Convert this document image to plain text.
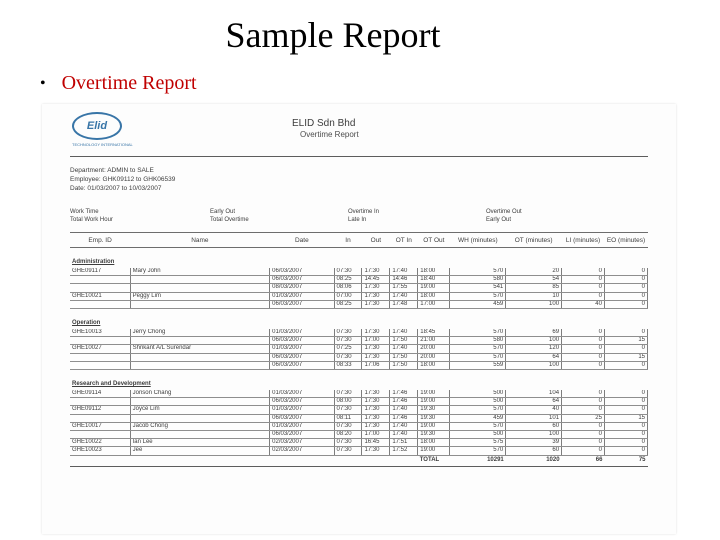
Sample Report
• Overtime Report
Elid
TECHNOLOGY INTERNATIONAL
ELID Sdn Bhd
Overtime Report
Department: ADMIN to SALE
Employee: GHK09112 to GHK06539
Date: 01/03/2007 to 10/03/2007
Work Time
Total Work Hour
Early Out
Total Overtime
Overtime In
Late In
Overtime Out
Early Out
Emp. ID	Name	Date	In	Out	OT In	OT Out	WH (minutes)	OT (minutes)	LI (minutes)	EO (minutes)
Administration										
GHE09117	Mary John	06/03/2007	07:30	17:30	17:40	18:00	570	20	0	0
		06/03/2007	08:25	14:45	14:46	18:40	580	54	0	0
		08/03/2007	08:06	17:30	17:55	19:00	541	85	0	0
GHE10021	Peggy Lim	01/03/2007	07:00	17:30	17:40	18:00	570	10	0	0
		06/03/2007	08:25	17:30	17:48	17:00	459	100	40	0
Operation										
GHE10013	Jerry Chong	01/03/2007	07:30	17:30	17:40	18:45	570	69	0	0
		06/03/2007	07:30	17:00	17:50	21:00	580	100	0	15
GHE10027	Shrikant A/L Surendar	01/03/2007	07:25	17:30	17:40	20:00	570	120	0	0
		06/03/2007	07:30	17:30	17:50	20:00	570	64	0	15
		06/03/2007	08:33	17:06	17:50	18:00	559	100	0	0
Research and Development										
GHE09114	Jonson Chang	01/03/2007	07:30	17:30	17:46	19:00	500	104	0	0
		06/03/2007	08:00	17:30	17:46	19:00	500	64	0	0
GHE09112	Joyce Lim	01/03/2007	07:30	17:30	17:40	19:30	570	40	0	0
		06/03/2007	08:11	17:30	17:46	19:30	459	101	25	15
GHE10017	Jacob Chong	01/03/2007	07:30	17:30	17:40	19:00	570	60	0	0
		06/03/2007	08:20	17:00	17:40	19:30	500	100	0	0
GHE10022	Ian Lee	02/03/2007	07:30	16:45	17:51	18:00	575	39	0	0
GHE10023	Jee	02/03/2007	07:30	17:30	17:52	19:00	570	60	0	0
						TOTAL	10291	1020	66	75
